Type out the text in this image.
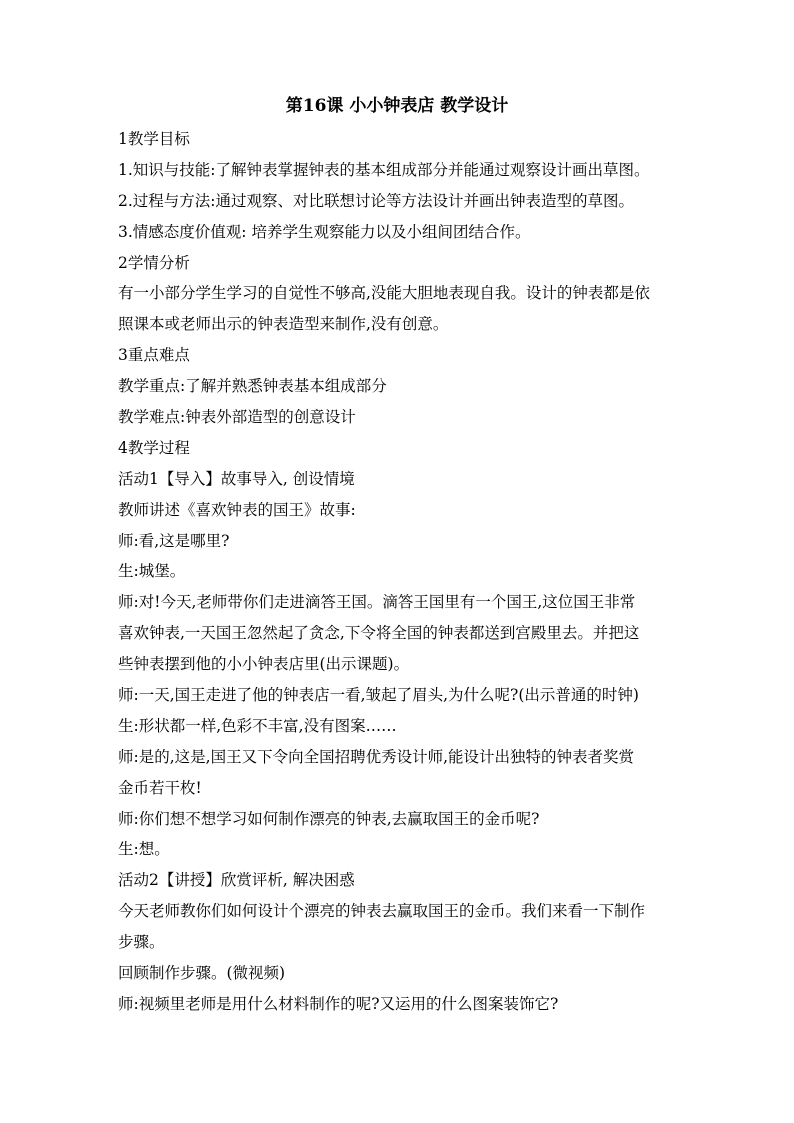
第16课 小小钟表店 教学设计
1教学目标
1.知识与技能:了解钟表掌握钟表的基本组成部分并能通过观察设计画出草图。
2.过程与方法:通过观察、对比联想讨论等方法设计并画出钟表造型的草图。
3.情感态度价值观: 培养学生观察能力以及小组间团结合作。
2学情分析
有一小部分学生学习的自觉性不够高,没能大胆地表现自我。设计的钟表都是依
照课本或老师出示的钟表造型来制作,没有创意。
3重点难点
教学重点:了解并熟悉钟表基本组成部分
教学难点:钟表外部造型的创意设计
4教学过程
活动1【导入】故事导入, 创设情境
教师讲述《喜欢钟表的国王》故事:
师:看,这是哪里?
生:城堡。
师:对!今天,老师带你们走进滴答王国。滴答王国里有一个国王,这位国王非常
喜欢钟表,一天国王忽然起了贪念,下令将全国的钟表都送到宫殿里去。并把这
些钟表摆到他的小小钟表店里(出示课题)。
师:一天,国王走进了他的钟表店一看,皱起了眉头,为什么呢?(出示普通的时钟)
生:形状都一样,色彩不丰富,没有图案……
师:是的,这是,国王又下令向全国招聘优秀设计师,能设计出独特的钟表者奖赏
金币若干枚!
师:你们想不想学习如何制作漂亮的钟表,去赢取国王的金币呢?
生:想。
活动2【讲授】欣赏评析, 解决困惑
今天老师教你们如何设计个漂亮的钟表去赢取国王的金币。我们来看一下制作
步骤。
回顾制作步骤。(微视频)
师:视频里老师是用什么材料制作的呢?又运用的什么图案装饰它?
